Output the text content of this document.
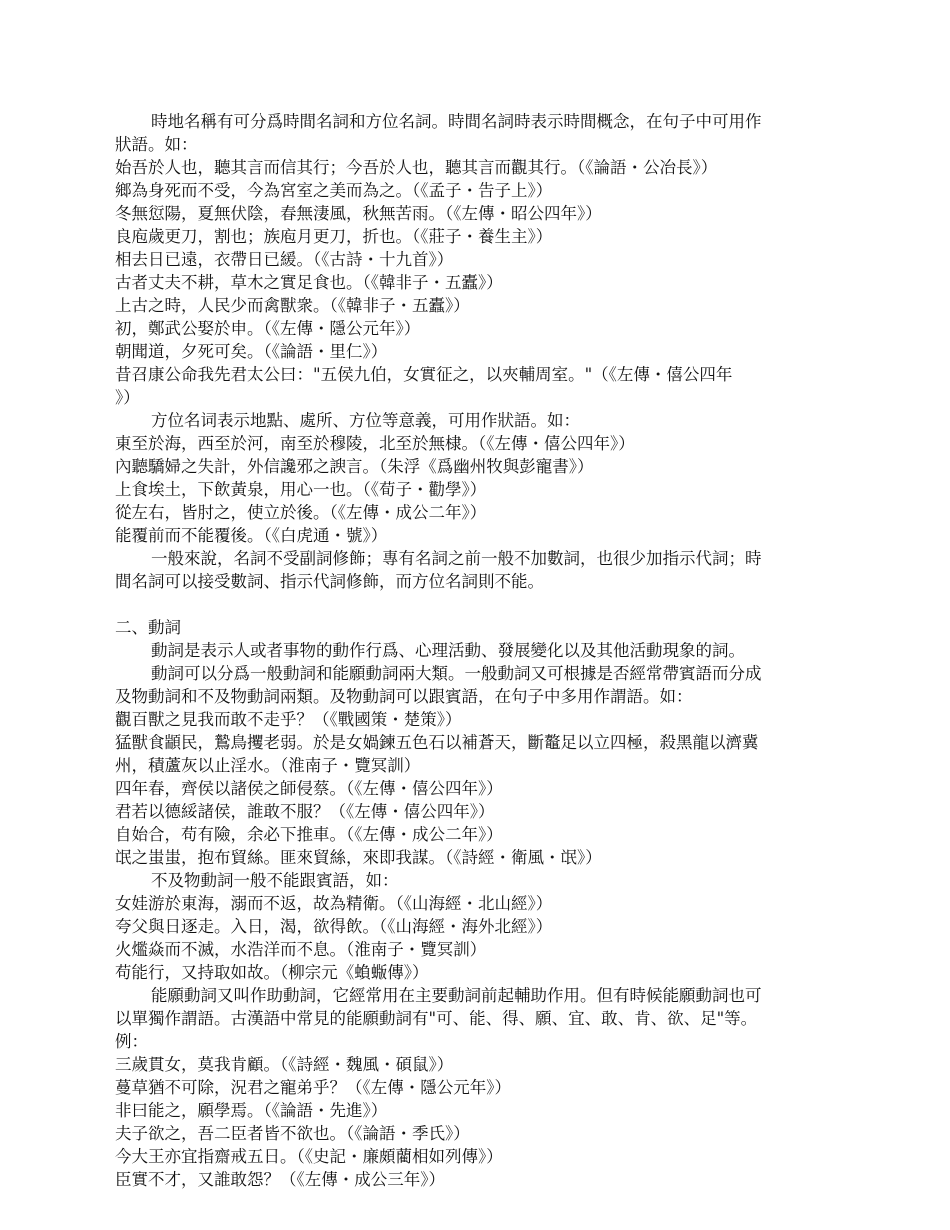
時地名稱有可分爲時間名詞和方位名詞。時間名詞時表示時間概念，在句子中可用作

狀語。如：

始吾於人也，聽其言而信其行；今吾於人也，聽其言而觀其行。（《論語・公冶長》）

鄉為身死而不受，今為宮室之美而為之。（《孟子・告子上》）

冬無愆陽，夏無伏陰，春無淒風，秋無苦雨。（《左傳・昭公四年》）

良庖歲更刀，割也；族庖月更刀，折也。（《莊子・養生主》）

相去日已遠，衣帶日已緩。（《古詩・十九首》）

古者丈夫不耕，草木之實足食也。（《韓非子・五蠹》）

上古之時，人民少而禽獸衆。（《韓非子・五蠹》）

初，鄭武公娶於申。（《左傳・隱公元年》）

朝聞道，夕死可矣。（《論語・里仁》）

昔召康公命我先君太公曰："五侯九伯，女實征之，以夾輔周室。"（《左傳・僖公四年

》）

方位名词表示地點、處所、方位等意義，可用作狀語。如：

東至於海，西至於河，南至於穆陵，北至於無棣。（《左傳・僖公四年》）

內聽驕婦之失計，外信讒邪之諛言。（朱浮《爲幽州牧與彭寵書》）

上食埃土，下飲黃泉，用心一也。（《荀子・勸學》）

從左右，皆肘之，使立於後。（《左傳・成公二年》）

能覆前而不能覆後。（《白虎通・號》）

一般來說，名詞不受副詞修飾；專有名詞之前一般不加數詞，也很少加指示代詞；時

間名詞可以接受數詞、指示代詞修飾，而方位名詞則不能。

二、動詞

動詞是表示人或者事物的動作行爲、心理活動、發展變化以及其他活動現象的詞。

動詞可以分爲一般動詞和能願動詞兩大類。一般動詞又可根據是否經常帶賓語而分成

及物動詞和不及物動詞兩類。及物動詞可以跟賓語，在句子中多用作謂語。如：

觀百獸之見我而敢不走乎？（《戰國策・楚策》）

猛獸食顓民，鷙鳥攫老弱。於是女媧鍊五色石以補蒼天，斷鼇足以立四極，殺黑龍以濟冀

州，積蘆灰以止淫水。（淮南子・覽冥訓）

四年春，齊侯以諸侯之師侵蔡。（《左傳・僖公四年》）

君若以德綏諸侯，誰敢不服？（《左傳・僖公四年》）

自始合，苟有險，余必下推車。（《左傳・成公二年》）

氓之蚩蚩，抱布貿絲。匪來貿絲，來即我謀。（《詩經・衛風・氓》）

不及物動詞一般不能跟賓語，如：

女娃游於東海，溺而不返，故為精衛。（《山海經・北山經》）

夸父與日逐走。入日，渴，欲得飲。（《山海經・海外北經》）

火爁焱而不滅，水浩洋而不息。（淮南子・覽冥訓）

苟能行，又持取如故。（柳宗元《蝜蝂傳》）

能願動詞又叫作助動詞，它經常用在主要動詞前起輔助作用。但有時候能願動詞也可

以單獨作謂語。古漢語中常見的能願動詞有"可、能、得、願、宜、敢、肯、欲、足"等。

例：

三歲貫女，莫我肯顧。（《詩經・魏風・碩鼠》）

蔓草猶不可除，況君之寵弟乎？（《左傳・隱公元年》）

非曰能之，願學焉。（《論語・先進》）

夫子欲之，吾二臣者皆不欲也。（《論語・季氏》）

今大王亦宜指齋戒五日。（《史記・廉頗藺相如列傳》）

臣實不才，又誰敢怨？（《左傳・成公三年》）
